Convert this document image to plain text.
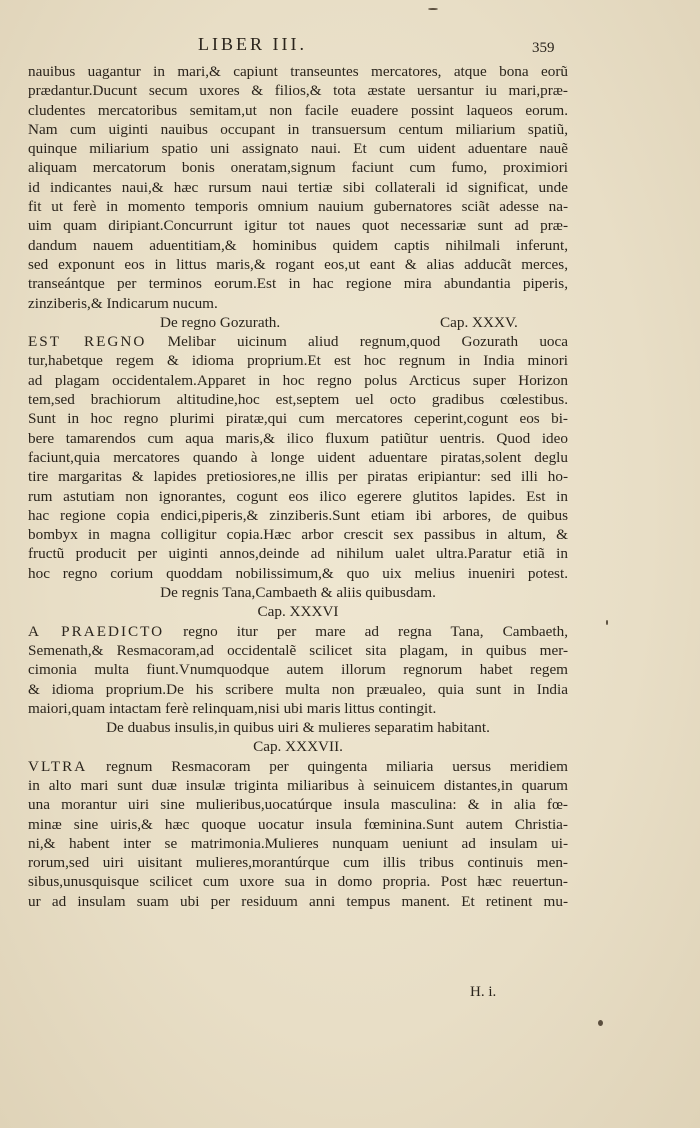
LIBER III.	359
nauibus uagantur in mari,& capiunt transeuntes mercatores, atque bona eorũ
prædantur.Ducunt secum uxores & filios,& tota æstate uersantur iu mari,præ-
cludentes mercatoribus semitam,ut non facile euadere possint laqueos eorum.
Nam cum uiginti nauibus occupant in transuersum centum miliarium spatiũ,
quinque miliarium spatio uni assignato naui. Et cum uident aduentare nauẽ
aliquam mercatorum bonis oneratam,signum faciunt cum fumo, proximiori
id indicantes naui,& hæc rursum naui tertiæ sibi collaterali id significat, unde
fit ut ferè in momento temporis omnium nauium gubernatores sciãt adesse na-
uim quam diripiant.Concurrunt igitur tot naues quot necessariæ sunt ad præ-
dandum nauem aduentitiam,& hominibus quidem captis nihilmali inferunt,
sed exponunt eos in littus maris,& rogant eos,ut eant & alias adducãt merces,
transeántque per terminos eorum.Est in hac regione mira abundantia piperis,
zinziberis,& Indicarum nucum.
De regno Gozurath.	Cap. XXXV.
EST REGNO Melibar uicinum aliud regnum,quod Gozurath uoca
tur,habetque regem & idioma proprium.Et est hoc regnum in India minori
ad plagam occidentalem.Apparet in hoc regno polus Arcticus super Horizon
tem,sed brachiorum altitudine,hoc est,septem uel octo gradibus cœlestibus.
Sunt in hoc regno plurimi piratæ,qui cum mercatores ceperint,cogunt eos bi-
bere tamarendos cum aqua maris,& ilico fluxum patiũtur uentris. Quod ideo
faciunt,quia mercatores quando à longe uident aduentare piratas,solent deglu
tire margaritas & lapides pretiosiores,ne illis per piratas eripiantur: sed illi ho-
rum astutiam non ignorantes, cogunt eos ilico egerere glutitos lapides. Est in
hac regione copia endici,piperis,& zinziberis.Sunt etiam ibi arbores, de quibus
bombyx in magna colligitur copia.Hæc arbor crescit sex passibus in altum, &
fructũ producit per uiginti annos,deinde ad nihilum ualet ultra.Paratur etiã in
hoc regno corium quoddam nobilissimum,& quo uix melius inueniri potest.
De regnis Tana,Cambaeth & aliis quibusdam.
Cap. XXXVI
A PRAEDICTO regno itur per mare ad regna Tana, Cambaeth,
Semenath,& Resmacoram,ad occidentalẽ scilicet sita plagam, in quibus mer-
cimonia multa fiunt.Vnumquodque autem illorum regnorum habet regem
& idioma proprium.De his scribere multa non præualeo, quia sunt in India
maiori,quam intactam ferè relinquam,nisi ubi maris littus contingit.
De duabus insulis,in quibus uiri & mulieres separatim habitant.
Cap. XXXVII.
VLTRA regnum Resmacoram per quingenta miliaria uersus meridiem
in alto mari sunt duæ insulæ triginta miliaribus à seinuicem distantes,in quarum
una morantur uiri sine mulieribus,uocatúrque insula masculina: & in alia fœ-
minæ sine uiris,& hæc quoque uocatur insula fœminina.Sunt autem Christia-
ni,& habent inter se matrimonia.Mulieres nunquam ueniunt ad insulam ui-
rorum,sed uiri uisitant mulieres,morantúrque cum illis tribus continuis men-
sibus,unusquisque scilicet cum uxore sua in domo propria. Post hæc reuertun-
ur ad insulam suam ubi per residuum anni tempus manent. Et retinent mu-
H. i.
